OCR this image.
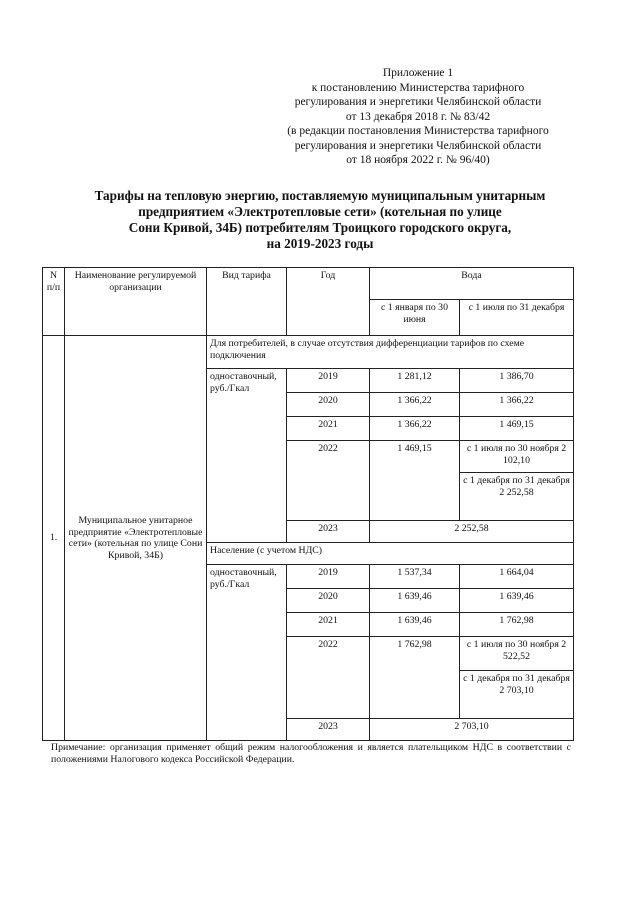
Приложение 1
к постановлению Министерства тарифного
регулирования и энергетики Челябинской области
от 13 декабря 2018 г. № 83/42
(в редакции постановления Министерства тарифного
регулирования и энергетики Челябинской области
от 18 ноября 2022 г. № 96/40)
Тарифы на тепловую энергию, поставляемую муниципальным унитарным
предприятием «Электротепловые сети» (котельная по улице
Сони Кривой, 34Б) потребителям Троицкого городского округа,
на 2019-2023 годы
N п/п	Наименование регулируемой организации	Вид тарифа	Год	Вода	
				с 1 января по 30 июня	с 1 июля по 31 декабря
1.	Муниципальное унитарное предприятие «Электротепловые сети» (котельная по улице Сони Кривой, 34Б)	Для потребителей, в случае отсутствия дифференциации тарифов по схеме подключения			
		одноставочный, руб./Гкал	2019	1 281,12	1 386,70
			2020	1 366,22	1 366,22
			2021	1 366,22	1 469,15
			2022	1 469,15	с 1 июля по 30 ноября 2 102,10
					с 1 декабря по 31 декабря 2 252,58
			2023	2 252,58	
		Население (с учетом НДС)			
		одноставочный, руб./Гкал	2019	1 537,34	1 664,04
			2020	1 639,46	1 639,46
			2021	1 639,46	1 762,98
			2022	1 762,98	с 1 июля по 30 ноября 2 522,52
					с 1 декабря по 31 декабря 2 703,10
			2023	2 703,10	
Примечание: организация применяет общий режим налогообложения и является плательщиком НДС в соответствии с положениями Налогового кодекса Российской Федерации.
